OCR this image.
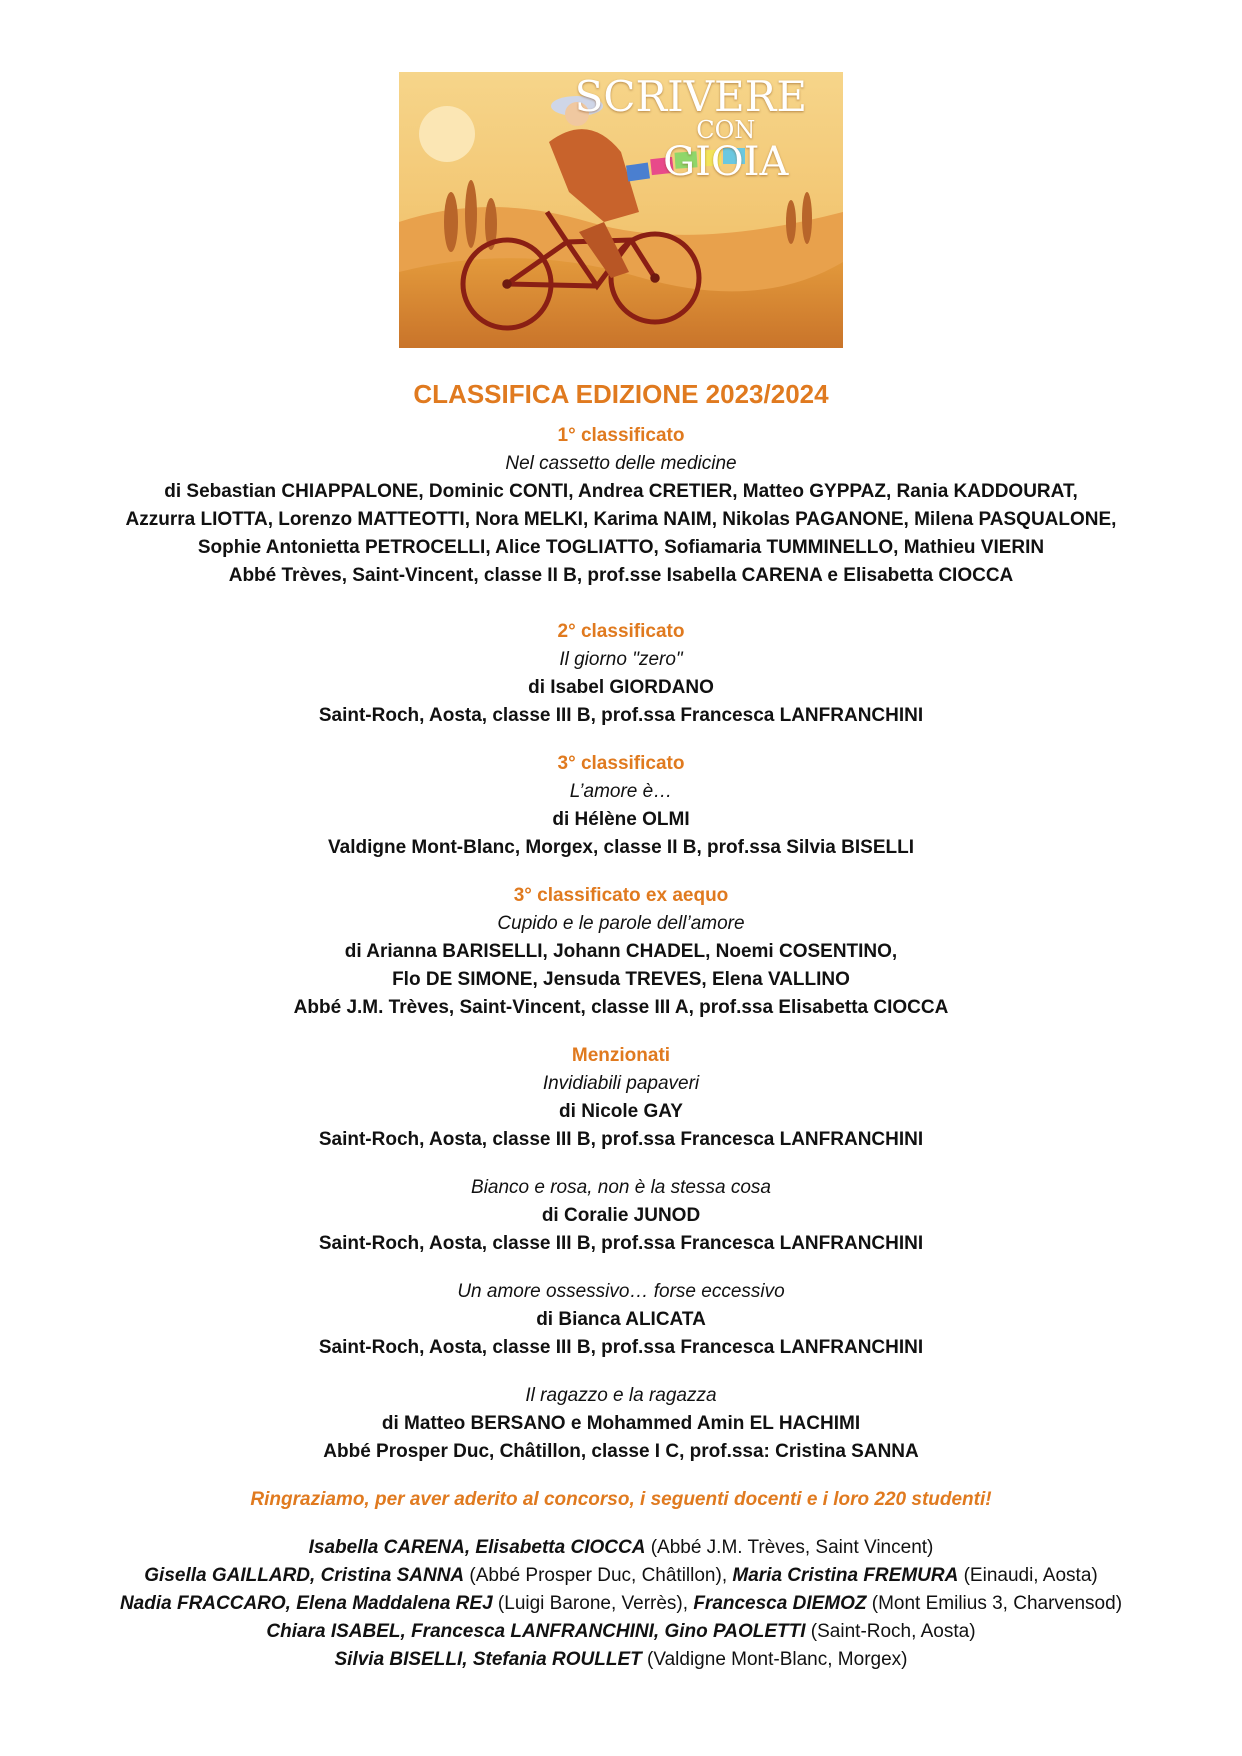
SCRIVERE
CON
GIOIA
CLASSIFICA EDIZIONE 2023/2024
1° classificato
Nel cassetto delle medicine
di Sebastian CHIAPPALONE, Dominic CONTI, Andrea CRETIER, Matteo GYPPAZ, Rania KADDOURAT,
Azzurra LIOTTA, Lorenzo MATTEOTTI, Nora MELKI, Karima NAIM, Nikolas PAGANONE, Milena PASQUALONE,
Sophie Antonietta PETROCELLI, Alice TOGLIATTO, Sofiamaria TUMMINELLO, Mathieu VIERIN
Abbé Trèves, Saint-Vincent, classe II B, prof.sse Isabella CARENA e Elisabetta CIOCCA
2° classificato
Il giorno "zero"
di Isabel GIORDANO
Saint-Roch, Aosta, classe III B, prof.ssa Francesca LANFRANCHINI
3° classificato
L’amore è…
di Hélène OLMI
Valdigne Mont-Blanc, Morgex, classe II B, prof.ssa Silvia BISELLI
3° classificato ex aequo
Cupido e le parole dell’amore
di Arianna BARISELLI, Johann CHADEL, Noemi COSENTINO,
Flo DE SIMONE, Jensuda TREVES, Elena VALLINO
Abbé J.M. Trèves, Saint-Vincent, classe III A, prof.ssa Elisabetta CIOCCA
Menzionati
Invidiabili papaveri
di Nicole GAY
Saint-Roch, Aosta, classe III B, prof.ssa Francesca LANFRANCHINI
Bianco e rosa, non è la stessa cosa
di Coralie JUNOD
Saint-Roch, Aosta, classe III B, prof.ssa Francesca LANFRANCHINI
Un amore ossessivo… forse eccessivo
di Bianca ALICATA
Saint-Roch, Aosta, classe III B, prof.ssa Francesca LANFRANCHINI
Il ragazzo e la ragazza
di Matteo BERSANO e Mohammed Amin EL HACHIMI
Abbé Prosper Duc, Châtillon, classe I C, prof.ssa: Cristina SANNA
Ringraziamo, per aver aderito al concorso, i seguenti docenti e i loro 220 studenti!
Isabella CARENA, Elisabetta CIOCCA (Abbé J.M. Trèves, Saint Vincent)
Gisella GAILLARD, Cristina SANNA (Abbé Prosper Duc, Châtillon), Maria Cristina FREMURA (Einaudi, Aosta)
Nadia FRACCARO, Elena Maddalena REJ (Luigi Barone, Verrès), Francesca DIEMOZ (Mont Emilius 3, Charvensod)
Chiara ISABEL, Francesca LANFRANCHINI, Gino PAOLETTI (Saint-Roch, Aosta)
Silvia BISELLI, Stefania ROULLET (Valdigne Mont-Blanc, Morgex)
